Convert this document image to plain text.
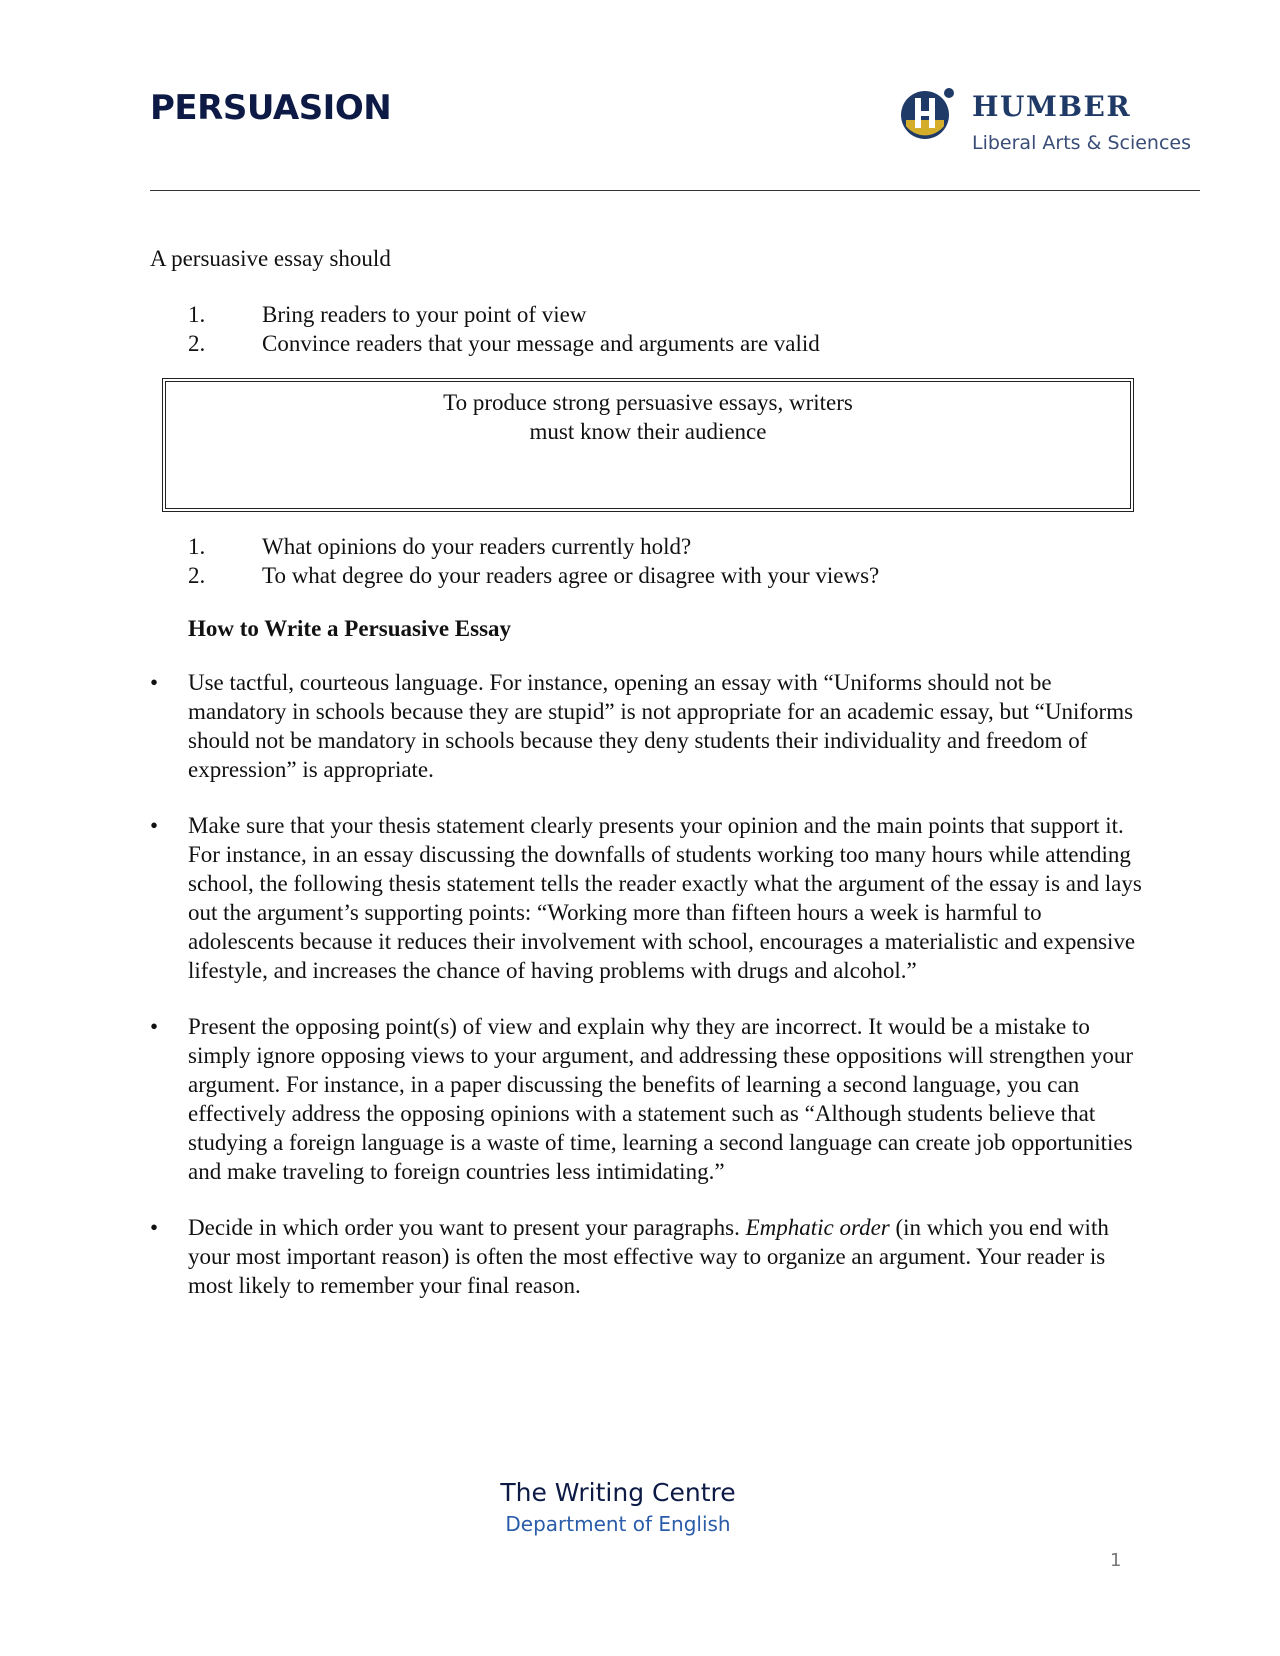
PERSUASION	HUMBER
Liberal Arts & Sciences
A persuasive essay should
1.	Bring readers to your point of view
2.	Convince readers that your message and arguments are valid
To produce strong persuasive essays, writers
must know their audience
1.	What opinions do your readers currently hold?
2.	To what degree do your readers agree or disagree with your views?
How to Write a Persuasive Essay
•	Use tactful, courteous language. For instance, opening an essay with “Uniforms should not be mandatory in schools because they are stupid” is not appropriate for an academic essay, but “Uniforms should not be mandatory in schools because they deny students their individuality and freedom of expression” is appropriate.
•	Make sure that your thesis statement clearly presents your opinion and the main points that support it. For instance, in an essay discussing the downfalls of students working too many hours while attending school, the following thesis statement tells the reader exactly what the argument of the essay is and lays out the argument’s supporting points: “Working more than fifteen hours a week is harmful to adolescents because it reduces their involvement with school, encourages a materialistic and expensive lifestyle, and increases the chance of having problems with drugs and alcohol.”
•	Present the opposing point(s) of view and explain why they are incorrect. It would be a mistake to simply ignore opposing views to your argument, and addressing these oppositions will strengthen your argument. For instance, in a paper discussing the benefits of learning a second language, you can effectively address the opposing opinions with a statement such as “Although students believe that studying a foreign language is a waste of time, learning a second language can create job opportunities and make traveling to foreign countries less intimidating.”
•	Decide in which order you want to present your paragraphs. Emphatic order (in which you end with your most important reason) is often the most effective way to organize an argument. Your reader is most likely to remember your final reason.
The Writing Centre
Department of English
1
